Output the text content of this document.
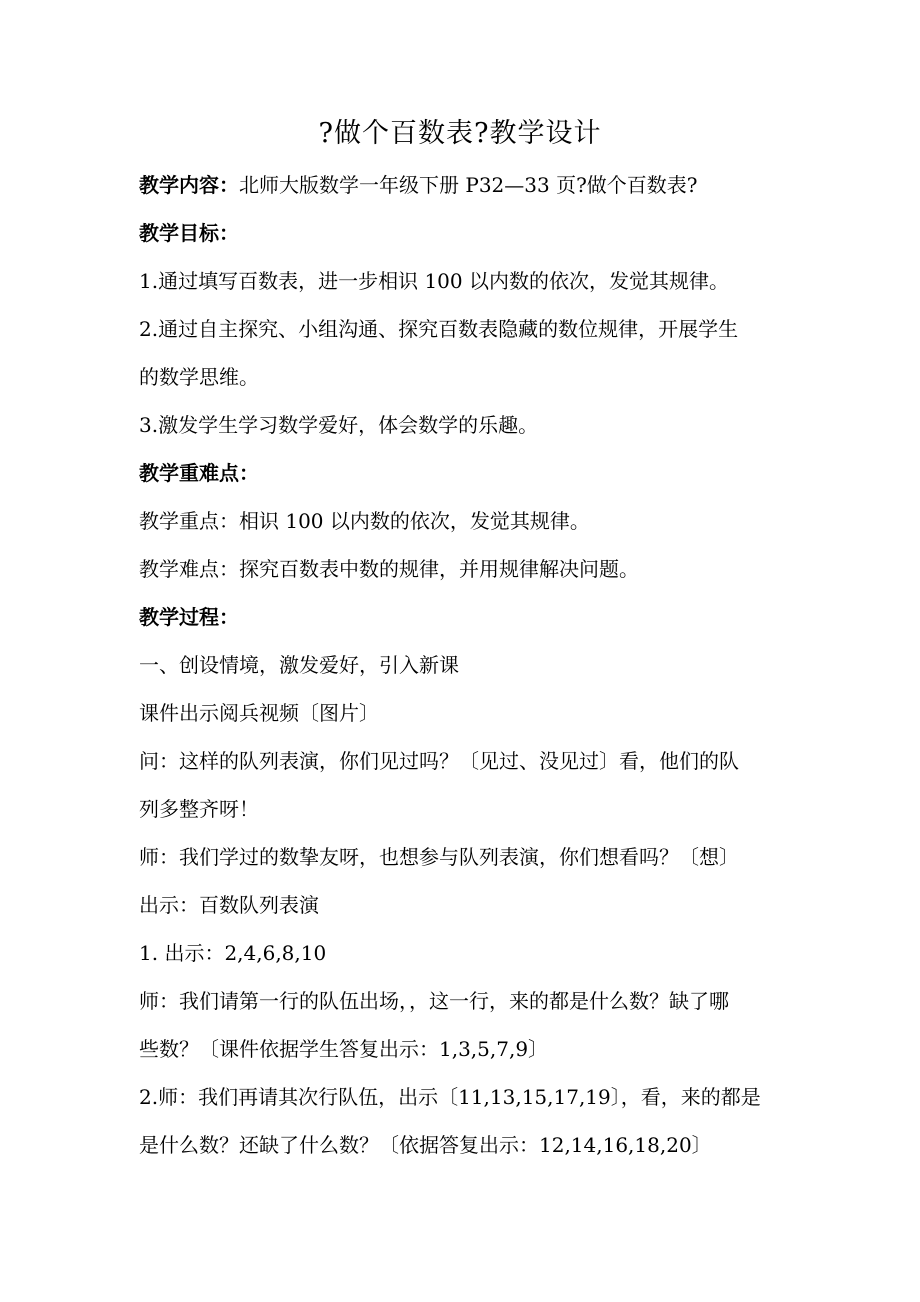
?做个百数表?教学设计

教学内容：北师大版数学一年级下册 P32—33 页?做个百数表?

教学目标：

1.通过填写百数表，进一步相识 100 以内数的依次，发觉其规律。

2.通过自主探究、小组沟通、探究百数表隐藏的数位规律，开展学生

的数学思维。

3.激发学生学习数学爱好，体会数学的乐趣。

教学重难点：

教学重点：相识 100 以内数的依次，发觉其规律。

教学难点：探究百数表中数的规律，并用规律解决问题。

教学过程：

一、创设情境，激发爱好，引入新课

课件出示阅兵视频〔图片〕

问：这样的队列表演，你们见过吗？〔见过、没见过〕看，他们的队

列多整齐呀！

师：我们学过的数挚友呀，也想参与队列表演，你们想看吗？〔想〕

出示：百数队列表演

1. 出示：2,4,6,8,10

师：我们请第一行的队伍出场，，这一行，来的都是什么数？缺了哪

些数？〔课件依据学生答复出示：1,3,5,7,9〕

2.师：我们再请其次行队伍，出示〔11,13,15,17,19〕，看，来的都是

是什么数？还缺了什么数？〔依据答复出示：12,14,16,18,20〕
